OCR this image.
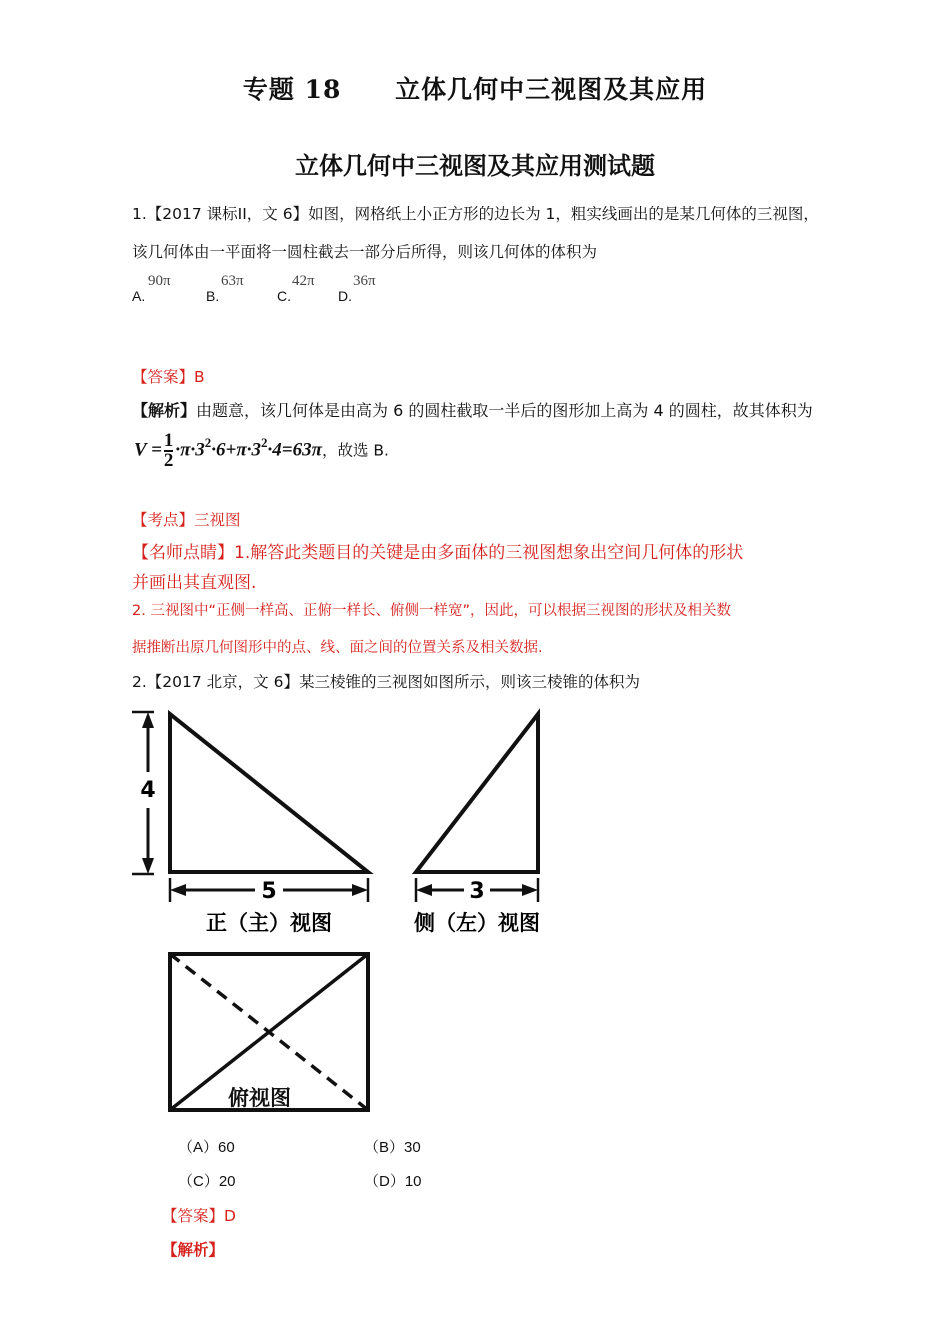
专题 18 立体几何中三视图及其应用
立体几何中三视图及其应用测试题
1.【2017 课标II，文 6】如图，网格纸上小正方形的边长为 1，粗实线画出的是某几何体的三视图，
该几何体由一平面将一圆柱截去一部分后所得，则该几何体的体积为
A.
90π
B.
63π
C.
42π
D.
36π
【答案】B
【解析】由题意，该几何体是由高为 6 的圆柱截取一半后的图形加上高为 4 的圆柱，故其体积为
$V = \frac{1}{2} \cdot\pi\cdot 3^2\cdot 6+\pi\cdot 3^2\cdot 4=63\pi$，故选 B.
【考点】三视图
【名师点睛】1.解答此类题目的关键是由多面体的三视图想象出空间几何体的形状
并画出其直观图.
2. 三视图中“正侧一样高、正俯一样长、俯侧一样宽”，因此，可以根据三视图的形状及相关数
据推断出原几何图形中的点、线、面之间的位置关系及相关数据.
2.【2017 北京，文 6】某三棱锥的三视图如图所示，则该三棱锥的体积为
4
5
正（主）视图
3
侧（左）视图
俯视图
（A）60	（B）30
（C）20	（D）10
【答案】D
【解析】
